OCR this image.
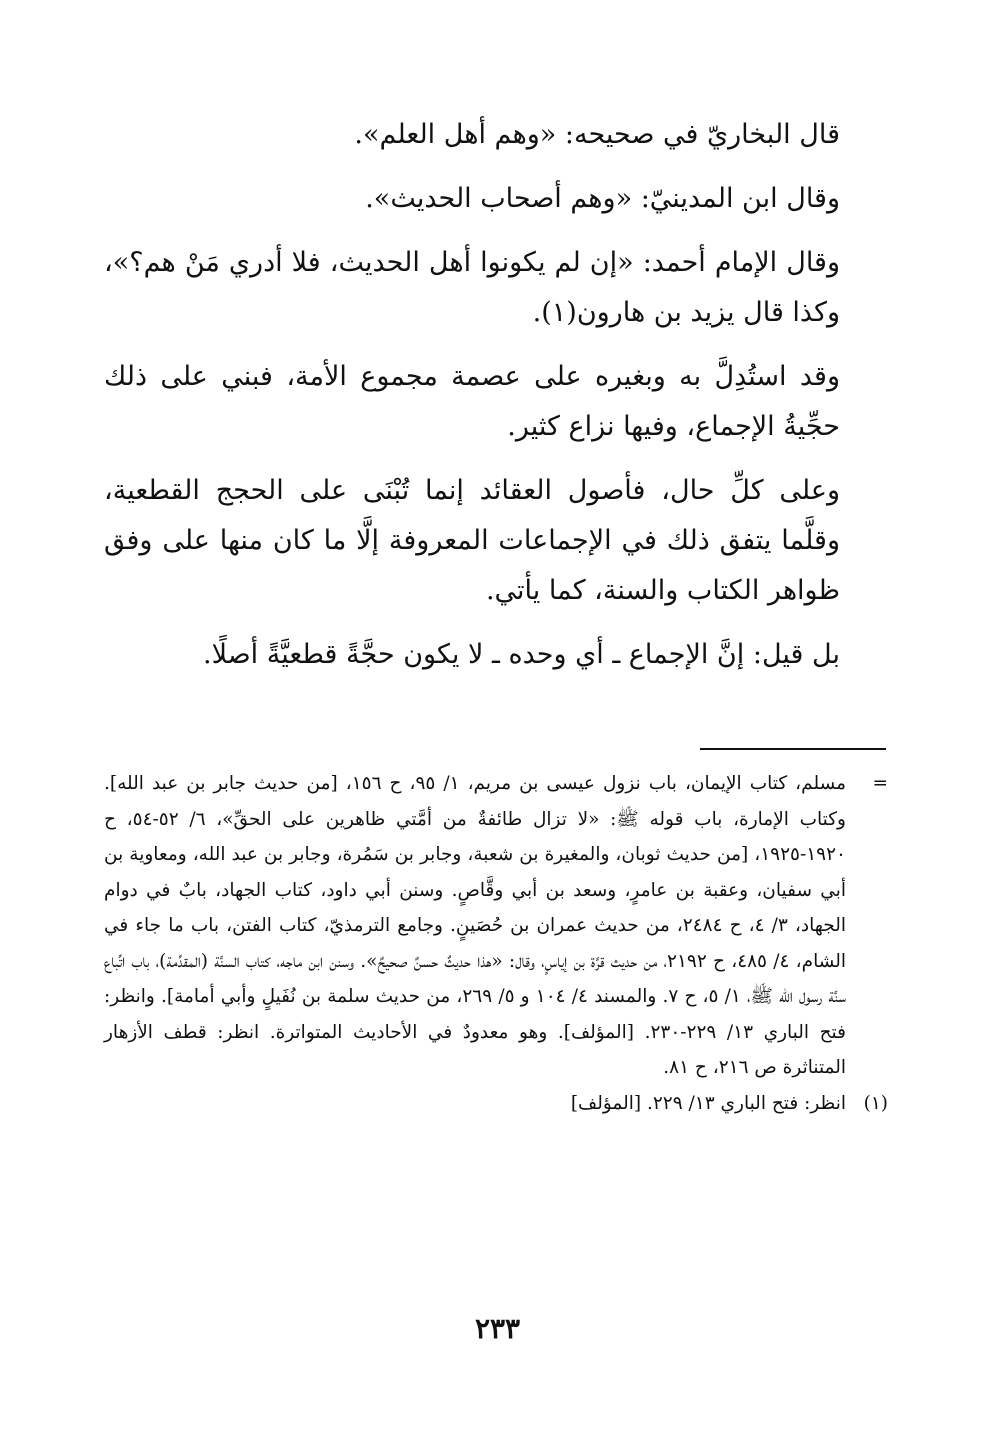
قال البخاريّ في صحيحه: «وهم أهل العلم».

وقال ابن المدينيّ: «وهم أصحاب الحديث».

وقال الإمام أحمد: «إن لم يكونوا أهل الحديث، فلا أدري مَنْ هم؟»، وكذا قال يزيد بن هارون(١).

وقد استُدِلَّ به وبغيره على عصمة مجموع الأمة، فبني على ذلك حجِّيةُ الإجماع، وفيها نزاع كثير.

وعلى كلِّ حال، فأصول العقائد إنما تُبْنَى على الحجج القطعية، وقلَّما يتفق ذلك في الإجماعات المعروفة إلَّا ما كان منها على وفق ظواهر الكتاب والسنة، كما يأتي.

بل قيل: إنَّ الإجماع ـ أي وحده ـ لا يكون حجَّةً قطعيَّةً أصلًا.

=
مسلم، كتاب الإيمان، باب نزول عيسى بن مريم، ١/ ٩٥، ح ١٥٦، [من حديث جابر بن عبد الله]. وكتاب الإمارة، باب قوله ﷺ: «لا تزال طائفةٌ من أمَّتي ظاهرين على الحقِّ»، ٦/ ٥٢-٥٤، ح ١٩٢٠-١٩٢٥، [من حديث ثوبان، والمغيرة بن شعبة، وجابر بن سَمُرة، وجابر بن عبد الله، ومعاوية بن أبي سفيان، وعقبة بن عامرٍ، وسعد بن أبي وقَّاصٍ. وسنن أبي داود، كتاب الجهاد، بابٌ في دوام الجهاد، ٣/ ٤، ح ٢٤٨٤، من حديث عمران بن حُصَينٍ. وجامع الترمذيّ، كتاب الفتن، باب ما جاء في الشام، ٤/ ٤٨٥، ح ٢١٩٢، من حديث قرَّة بن إياسٍ، وقال: «هذا حديثٌ حسنٌ صحيحٌ». وسنن ابن ماجه، كتاب السنَّة (المقدِّمة)، باب اتِّباع سنَّة رسول الله ﷺ، ١/ ٥، ح ٧. والمسند ٤/ ١٠٤ و ٥/ ٢٦٩، من حديث سلمة بن نُفَيلٍ وأبي أمامة]. وانظر: فتح الباري ١٣/ ٢٢٩-٢٣٠. [المؤلف]. وهو معدودٌ في الأحاديث المتواترة. انظر: قطف الأزهار المتناثرة ص ٢١٦، ح ٨١.

(١)
انظر: فتح الباري ١٣/ ٢٢٩. [المؤلف]

٢٣٣
